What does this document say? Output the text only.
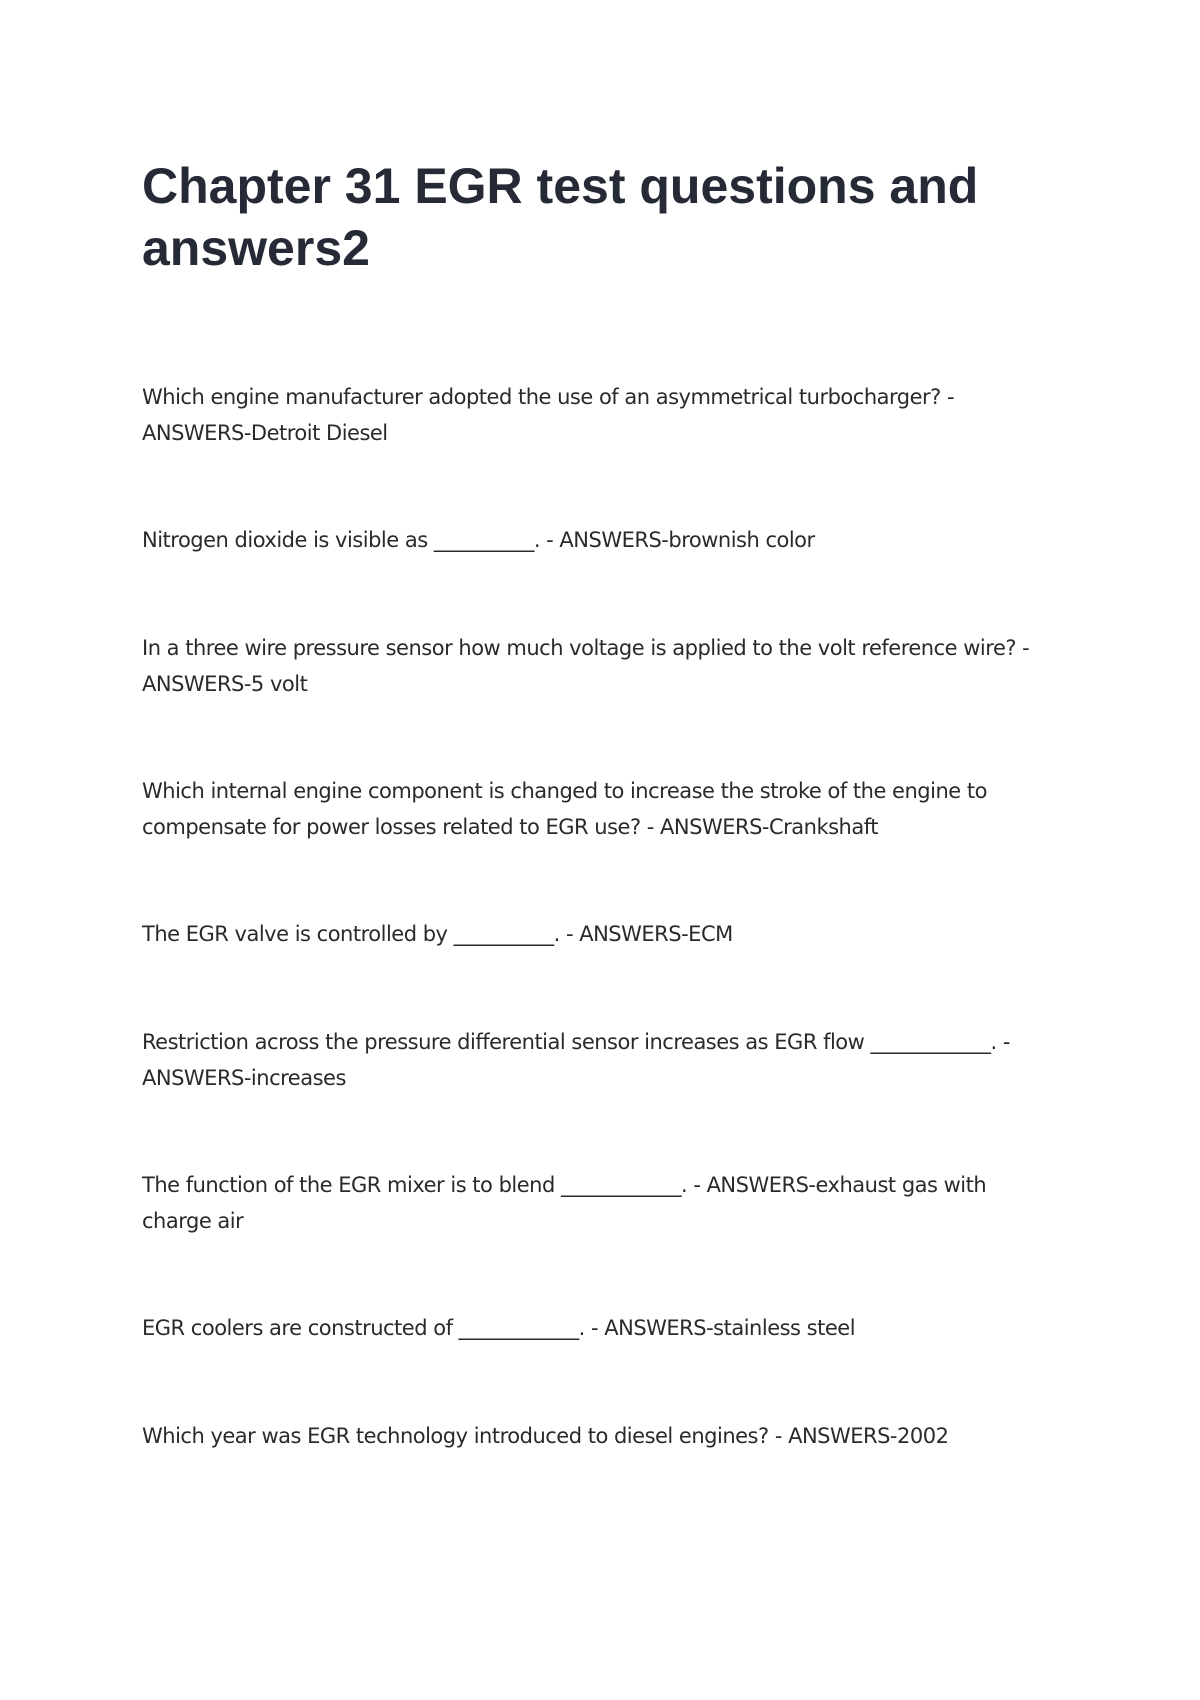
Chapter 31 EGR test questions and answers2

Which engine manufacturer adopted the use of an asymmetrical turbocharger? - ANSWERS-Detroit Diesel

Nitrogen dioxide is visible as __________. - ANSWERS-brownish color

In a three wire pressure sensor how much voltage is applied to the volt reference wire? - ANSWERS-5 volt

Which internal engine component is changed to increase the stroke of the engine to compensate for power losses related to EGR use? - ANSWERS-Crankshaft

The EGR valve is controlled by __________. - ANSWERS-ECM

Restriction across the pressure differential sensor increases as EGR flow ____________. - ANSWERS-increases

The function of the EGR mixer is to blend ____________. - ANSWERS-exhaust gas with charge air

EGR coolers are constructed of ____________. - ANSWERS-stainless steel

Which year was EGR technology introduced to diesel engines? - ANSWERS-2002
